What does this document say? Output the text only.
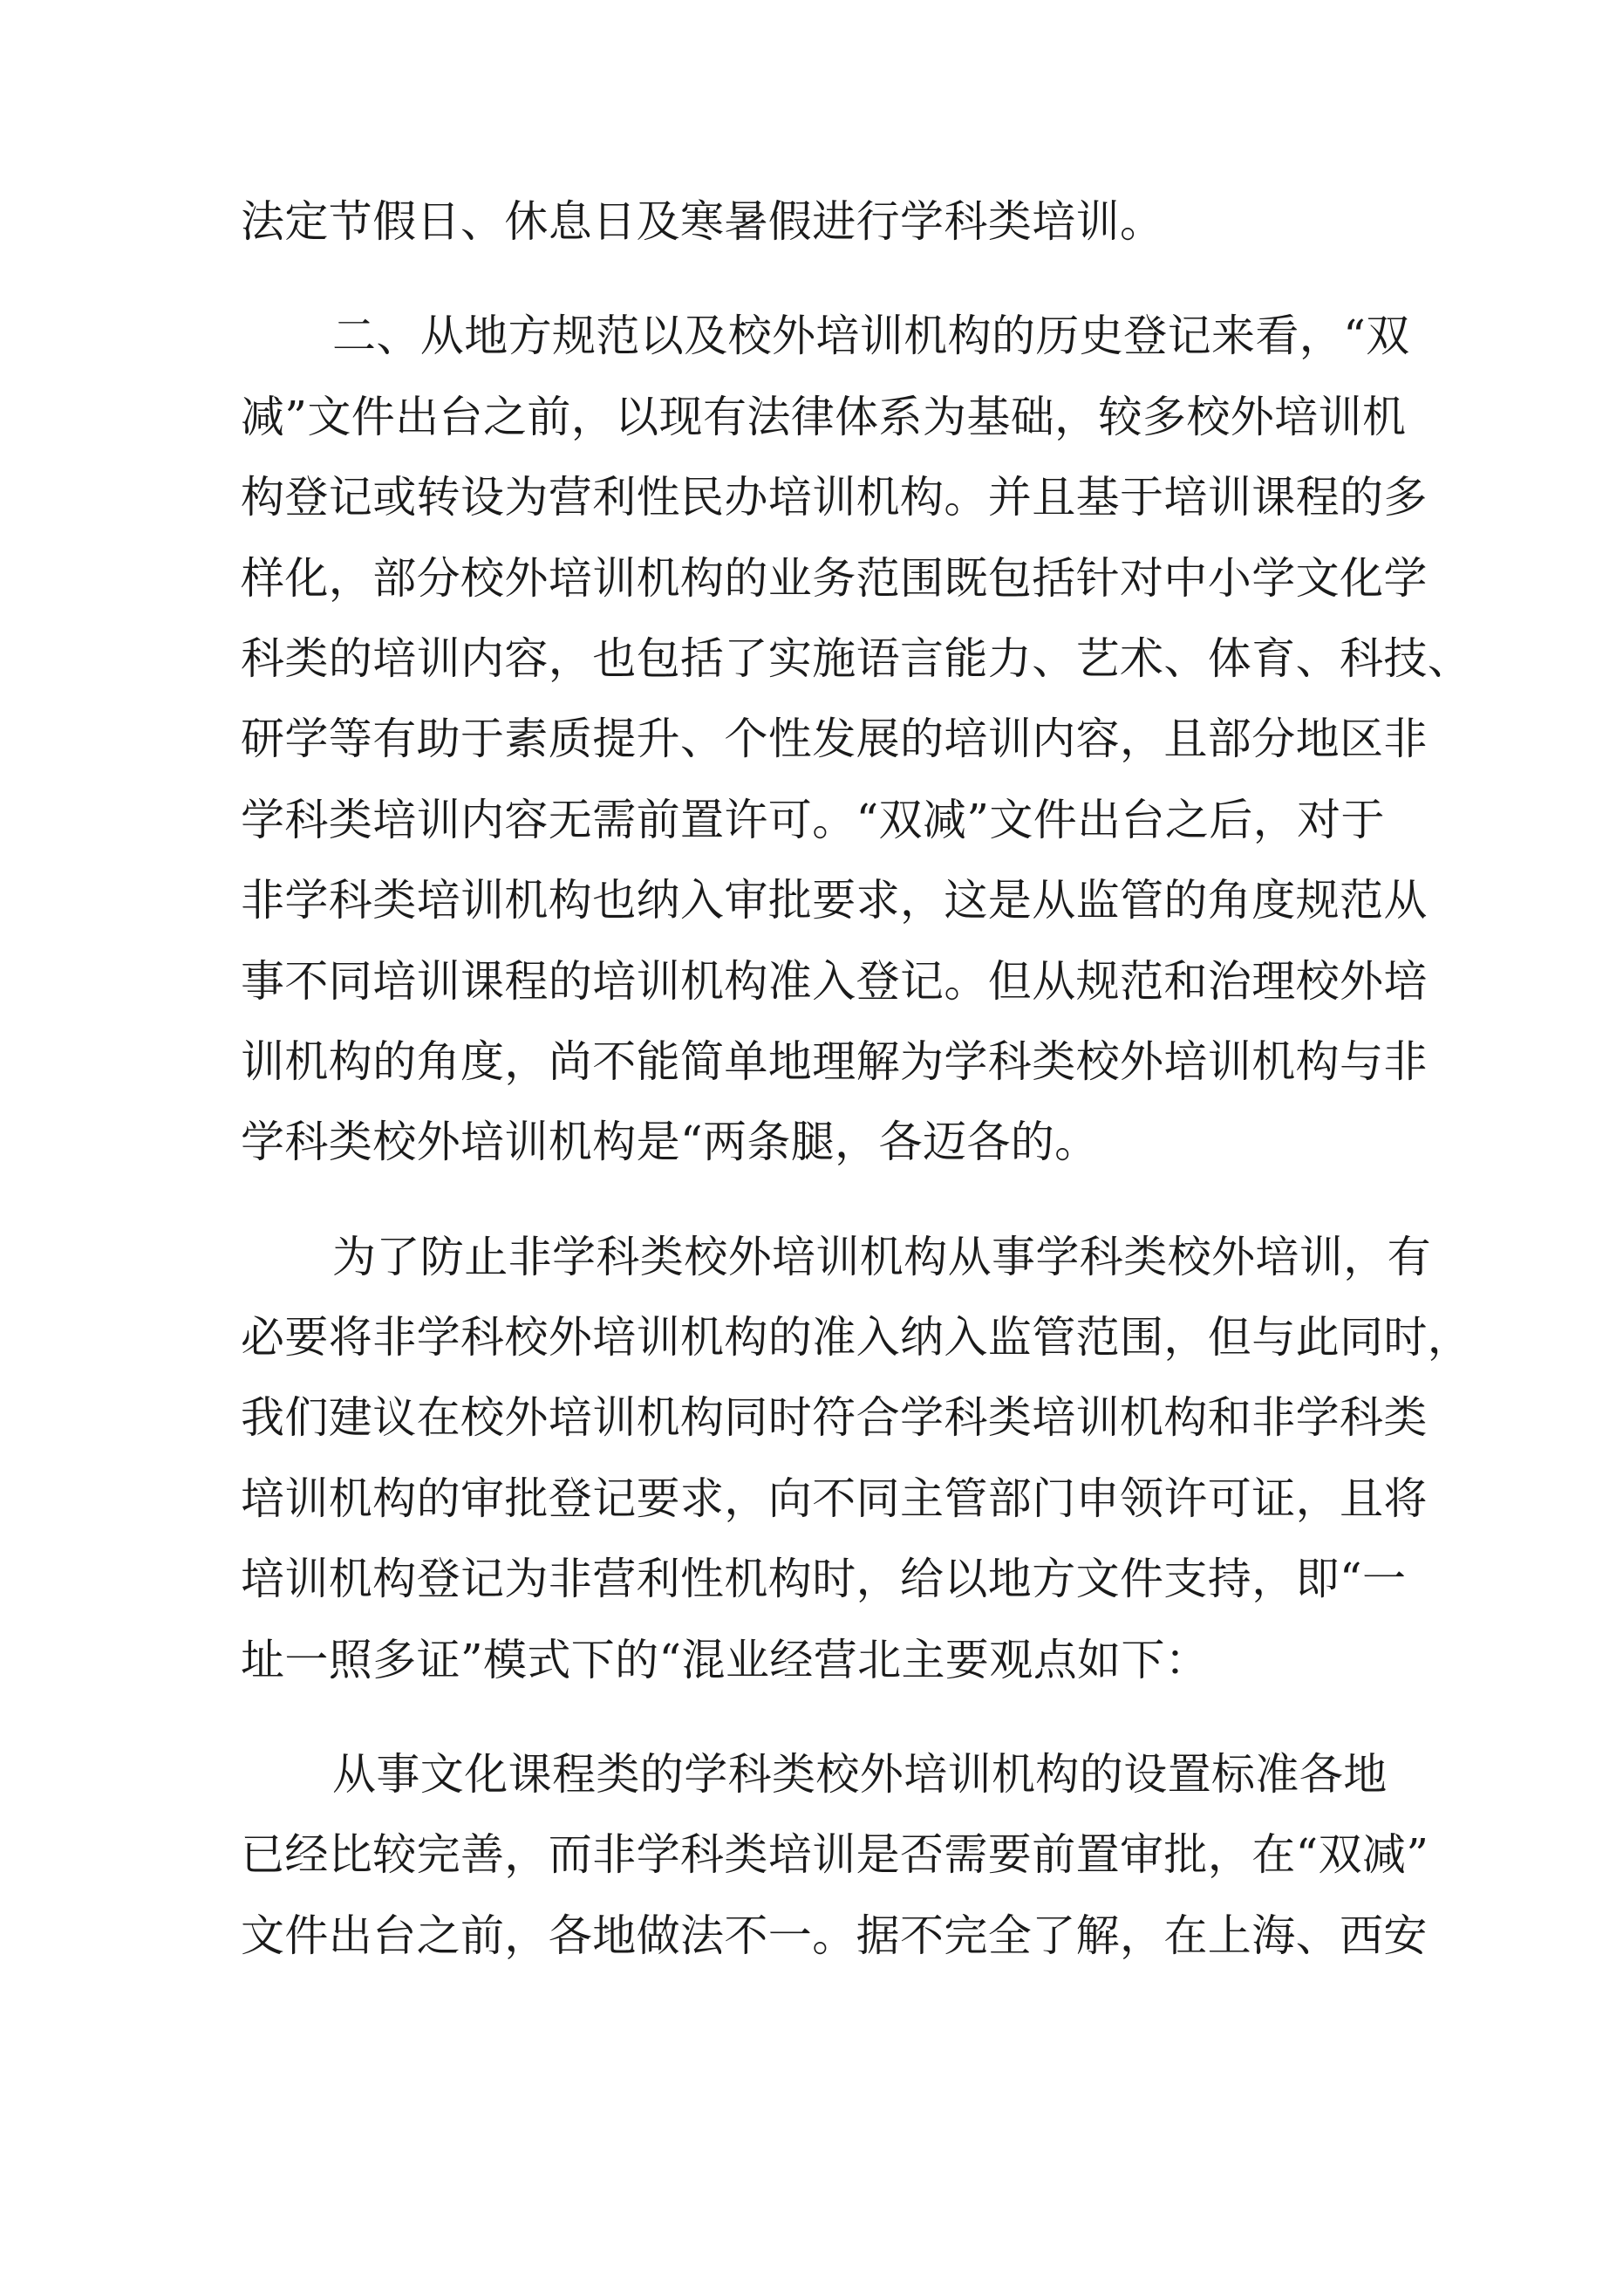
法定节假日、休息日及寒暑假进行学科类培训。
二、从地方规范以及校外培训机构的历史登记来看，“双
减”文件出台之前，以现有法律体系为基础，较多校外培训机
构登记或转设为营利性民办培训机构。并且基于培训课程的多
样化，部分校外培训机构的业务范围既包括针对中小学文化学
科类的培训内容，也包括了实施语言能力、艺术、体育、科技、
研学等有助于素质提升、个性发展的培训内容，且部分地区非
学科类培训内容无需前置许可。“双减”文件出台之后，对于
非学科类培训机构也纳入审批要求，这是从监管的角度规范从
事不同培训课程的培训机构准入登记。但从规范和治理校外培
训机构的角度，尚不能简单地理解为学科类校外培训机构与非
学科类校外培训机构是“两条腿，各迈各的。
为了防止非学科类校外培训机构从事学科类校外培训，有
必要将非学科校外培训机构的准入纳入监管范围，但与此同时，
我们建议在校外培训机构同时符合学科类培训机构和非学科类
培训机构的审批登记要求，向不同主管部门申领许可证，且将
培训机构登记为非营利性机构时，给以地方文件支持，即“一
址一照多证”模式下的“混业经营北主要观点如下：
从事文化课程类的学科类校外培训机构的设置标准各地
已经比较完善，而非学科类培训是否需要前置审批，在“双减”
文件出台之前，各地做法不一。据不完全了解，在上海、西安
